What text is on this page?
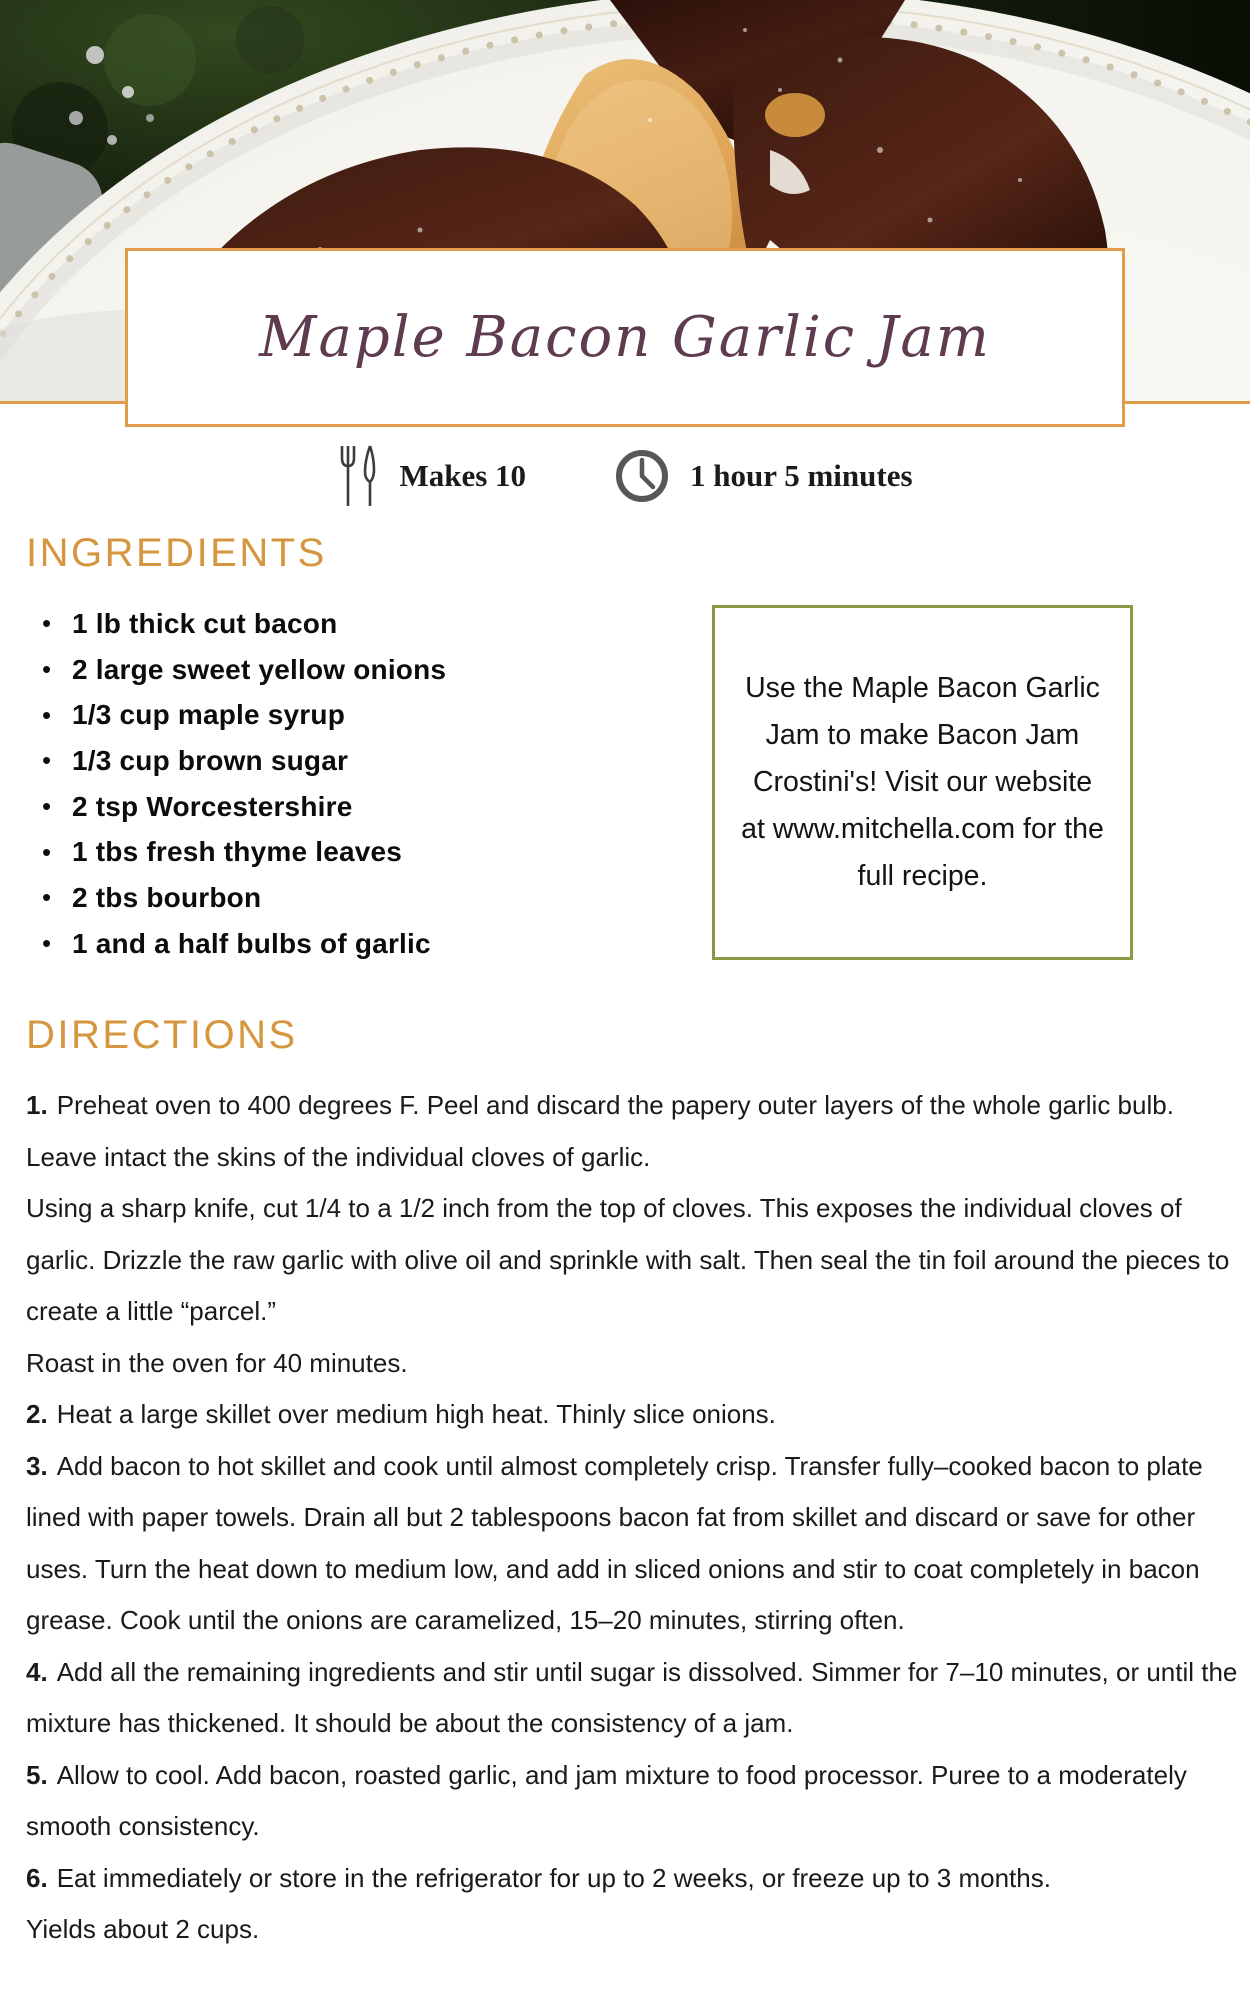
Maple Bacon Garlic Jam
Makes 10	1 hour 5 minutes
INGREDIENTS
•
1 lb thick cut bacon
•
2 large sweet yellow onions
•
1/3 cup maple syrup
•
1/3 cup brown sugar
•
2 tsp Worcestershire
•
1 tbs fresh thyme leaves
•
2 tbs bourbon
•
1 and a half bulbs of garlic
Use the Maple Bacon Garlic Jam to make Bacon Jam Crostini's! Visit our website at www.mitchella.com for the full recipe.
DIRECTIONS

1. Preheat oven to 400 degrees F. Peel and discard the papery outer layers of the whole garlic bulb. Leave intact the skins of the individual cloves of garlic.

Using a sharp knife, cut 1/4 to a 1/2 inch from the top of cloves. This exposes the individual cloves of garlic. Drizzle the raw garlic with olive oil and sprinkle with salt. Then seal the tin foil around the pieces to create a little “parcel.”

Roast in the oven for 40 minutes.

2. Heat a large skillet over medium high heat. Thinly slice onions.

3. Add bacon to hot skillet and cook until almost completely crisp. Transfer fully–cooked bacon to plate lined with paper towels. Drain all but 2 tablespoons bacon fat from skillet and discard or save for other uses. Turn the heat down to medium low, and add in sliced onions and stir to coat completely in bacon grease. Cook until the onions are caramelized, 15–20 minutes, stirring often.

4. Add all the remaining ingredients and stir until sugar is dissolved. Simmer for 7–10 minutes, or until the mixture has thickened. It should be about the consistency of a jam.

5. Allow to cool. Add bacon, roasted garlic, and jam mixture to food processor. Puree to a moderately smooth consistency.

6. Eat immediately or store in the refrigerator for up to 2 weeks, or freeze up to 3 months.

Yields about 2 cups.
